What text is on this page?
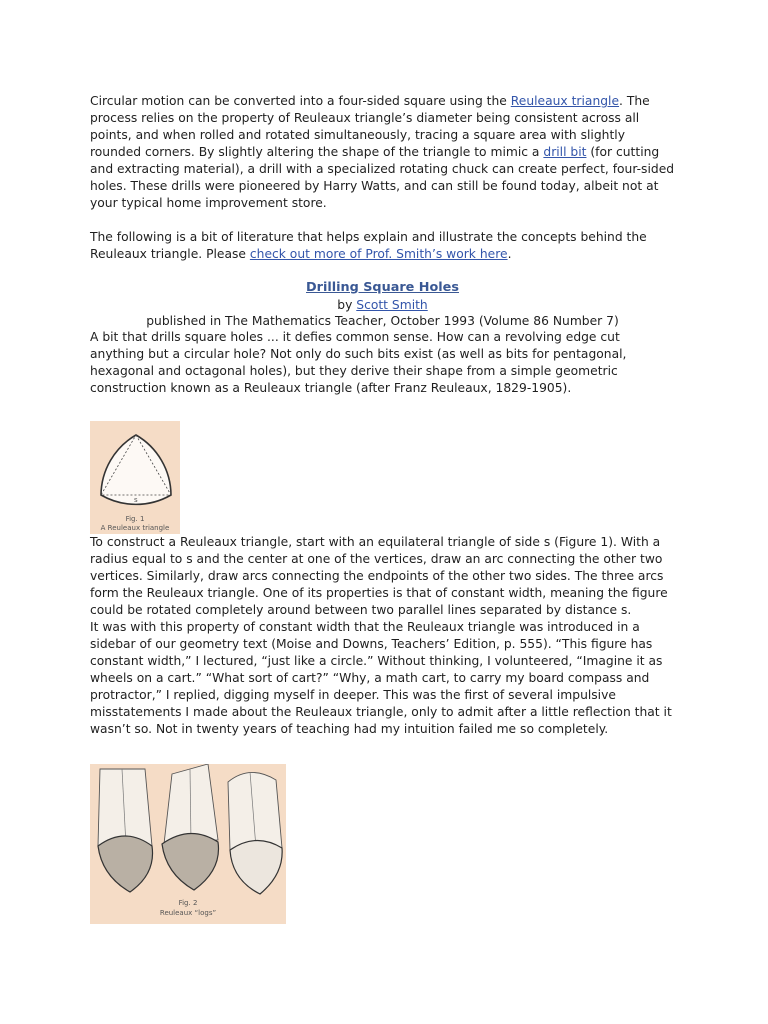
Circular motion can be converted into a four-sided square using the Reuleaux triangle. The process relies on the property of Reuleaux triangle’s diameter being consistent across all points, and when rolled and rotated simultaneously, tracing a square area with slightly rounded corners. By slightly altering the shape of the triangle to mimic a drill bit (for cutting and extracting material), a drill with a specialized rotating chuck can create perfect, four-sided holes. These drills were pioneered by Harry Watts, and can still be found today, albeit not at your typical home improvement store.

The following is a bit of literature that helps explain and illustrate the concepts behind the Reuleaux triangle. Please check out more of Prof. Smith’s work here.

Drilling Square Holes
by Scott Smith
published in The Mathematics Teacher, October 1993 (Volume 86 Number 7)

A bit that drills square holes ... it defies common sense. How can a revolving edge cut anything but a circular hole? Not only do such bits exist (as well as bits for pentagonal, hexagonal and octagonal holes), but they derive their shape from a simple geometric construction known as a Reuleaux triangle (after Franz Reuleaux, 1829-1905).

s
Fig. 1
A Reuleaux triangle

To construct a Reuleaux triangle, start with an equilateral triangle of side s (Figure 1). With a radius equal to s and the center at one of the vertices, draw an arc connecting the other two vertices. Similarly, draw arcs connecting the endpoints of the other two sides. The three arcs form the Reuleaux triangle. One of its properties is that of constant width, meaning the figure could be rotated completely around between two parallel lines separated by distance s.

It was with this property of constant width that the Reuleaux triangle was introduced in a sidebar of our geometry text (Moise and Downs, Teachers’ Edition, p. 555). “This figure has constant width,” I lectured, “just like a circle.” Without thinking, I volunteered, “Imagine it as wheels on a cart.” “What sort of cart?” “Why, a math cart, to carry my board compass and protractor,” I replied, digging myself in deeper. This was the first of several impulsive misstatements I made about the Reuleaux triangle, only to admit after a little reflection that it wasn’t so. Not in twenty years of teaching had my intuition failed me so completely.

Fig. 2
Reuleaux “logs”
